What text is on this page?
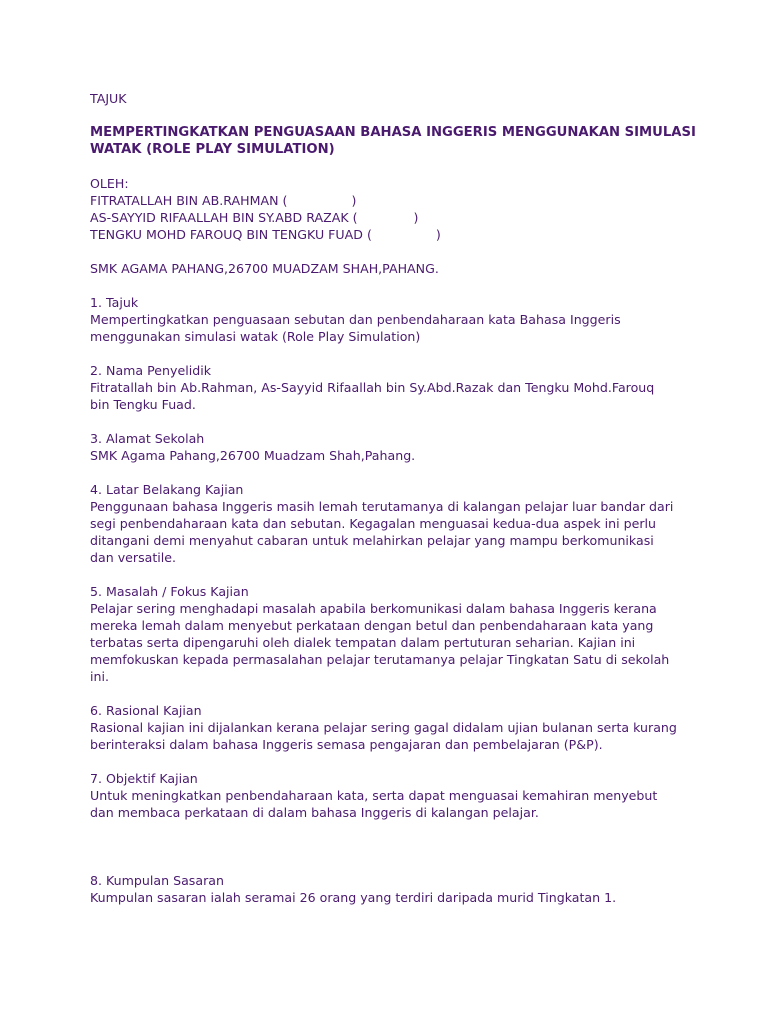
TAJUK
MEMPERTINGKATKAN PENGUASAAN BAHASA INGGERIS MENGGUNAKAN SIMULASI
WATAK (ROLE PLAY SIMULATION)
OLEH:
FITRATALLAH BIN AB.RAHMAN (                )
AS-SAYYID RIFAALLAH BIN SY.ABD RAZAK (              )
TENGKU MOHD FAROUQ BIN TENGKU FUAD (                )
SMK AGAMA PAHANG,26700 MUADZAM SHAH,PAHANG.
1. Tajuk
Mempertingkatkan penguasaan sebutan dan penbendaharaan kata Bahasa Inggeris
menggunakan simulasi watak (Role Play Simulation)
2. Nama Penyelidik
Fitratallah bin Ab.Rahman, As-Sayyid Rifaallah bin Sy.Abd.Razak dan Tengku Mohd.Farouq
bin Tengku Fuad.
3. Alamat Sekolah
SMK Agama Pahang,26700 Muadzam Shah,Pahang.
4. Latar Belakang Kajian
Penggunaan bahasa Inggeris masih lemah terutamanya di kalangan pelajar luar bandar dari
segi penbendaharaan kata dan sebutan. Kegagalan menguasai kedua-dua aspek ini perlu
ditangani demi menyahut cabaran untuk melahirkan pelajar yang mampu berkomunikasi
dan versatile.
5. Masalah / Fokus Kajian
Pelajar sering menghadapi masalah apabila berkomunikasi dalam bahasa Inggeris kerana
mereka lemah dalam menyebut perkataan dengan betul dan penbendaharaan kata yang
terbatas serta dipengaruhi oleh dialek tempatan dalam pertuturan seharian. Kajian ini
memfokuskan kepada permasalahan pelajar terutamanya pelajar Tingkatan Satu di sekolah
ini.
6. Rasional Kajian
Rasional kajian ini dijalankan kerana pelajar sering gagal didalam ujian bulanan serta kurang
berinteraksi dalam bahasa Inggeris semasa pengajaran dan pembelajaran (P&P).
7. Objektif Kajian
Untuk meningkatkan penbendaharaan kata, serta dapat menguasai kemahiran menyebut
dan membaca perkataan di dalam bahasa Inggeris di kalangan pelajar.
8. Kumpulan Sasaran
Kumpulan sasaran ialah seramai 26 orang yang terdiri daripada murid Tingkatan 1.
